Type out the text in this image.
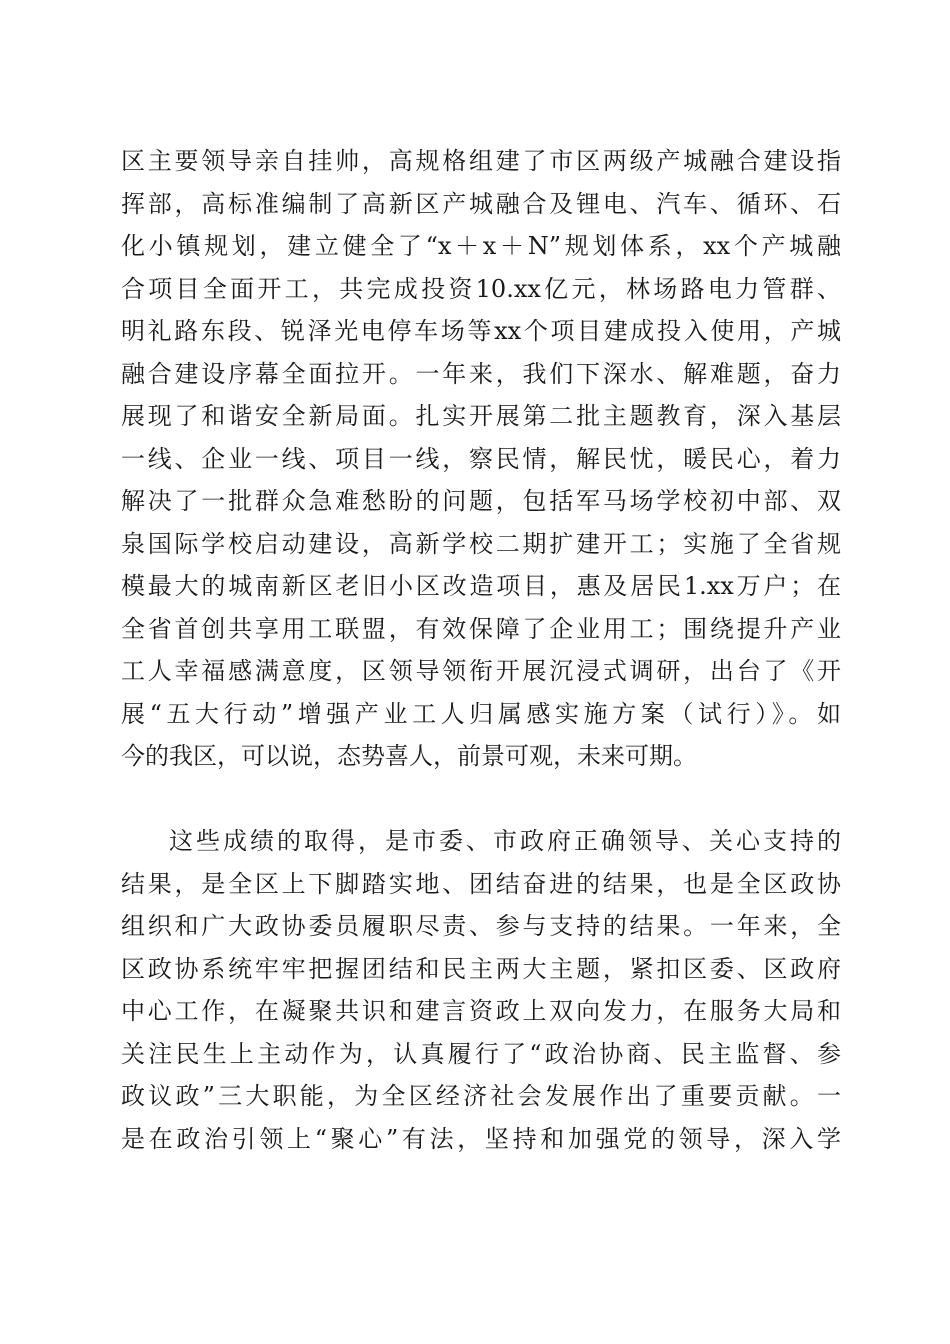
区主要领导亲自挂帅，高规格组建了市区两级产城融合建设指
挥部，高标准编制了高新区产城融合及锂电、汽车、循环、石
化小镇规划，建立健全了“x＋x＋N”规划体系，xx个产城融
合项目全面开工，共完成投资10.xx亿元，林场路电力管群、
明礼路东段、锐泽光电停车场等xx个项目建成投入使用，产城
融合建设序幕全面拉开。一年来，我们下深水、解难题，奋力
展现了和谐安全新局面。扎实开展第二批主题教育，深入基层
一线、企业一线、项目一线，察民情，解民忧，暖民心，着力
解决了一批群众急难愁盼的问题，包括军马场学校初中部、双
泉国际学校启动建设，高新学校二期扩建开工；实施了全省规
模最大的城南新区老旧小区改造项目，惠及居民1.xx万户；在
全省首创共享用工联盟，有效保障了企业用工；围绕提升产业
工人幸福感满意度，区领导领衔开展沉浸式调研，出台了《开
展“五大行动”增强产业工人归属感实施方案（试行）》。如
今的我区，可以说，态势喜人，前景可观，未来可期。
这些成绩的取得，是市委、市政府正确领导、关心支持的
结果，是全区上下脚踏实地、团结奋进的结果，也是全区政协
组织和广大政协委员履职尽责、参与支持的结果。一年来，全
区政协系统牢牢把握团结和民主两大主题，紧扣区委、区政府
中心工作，在凝聚共识和建言资政上双向发力，在服务大局和
关注民生上主动作为，认真履行了“政治协商、民主监督、参
政议政”三大职能，为全区经济社会发展作出了重要贡献。一
是在政治引领上“聚心”有法，坚持和加强党的领导，深入学
